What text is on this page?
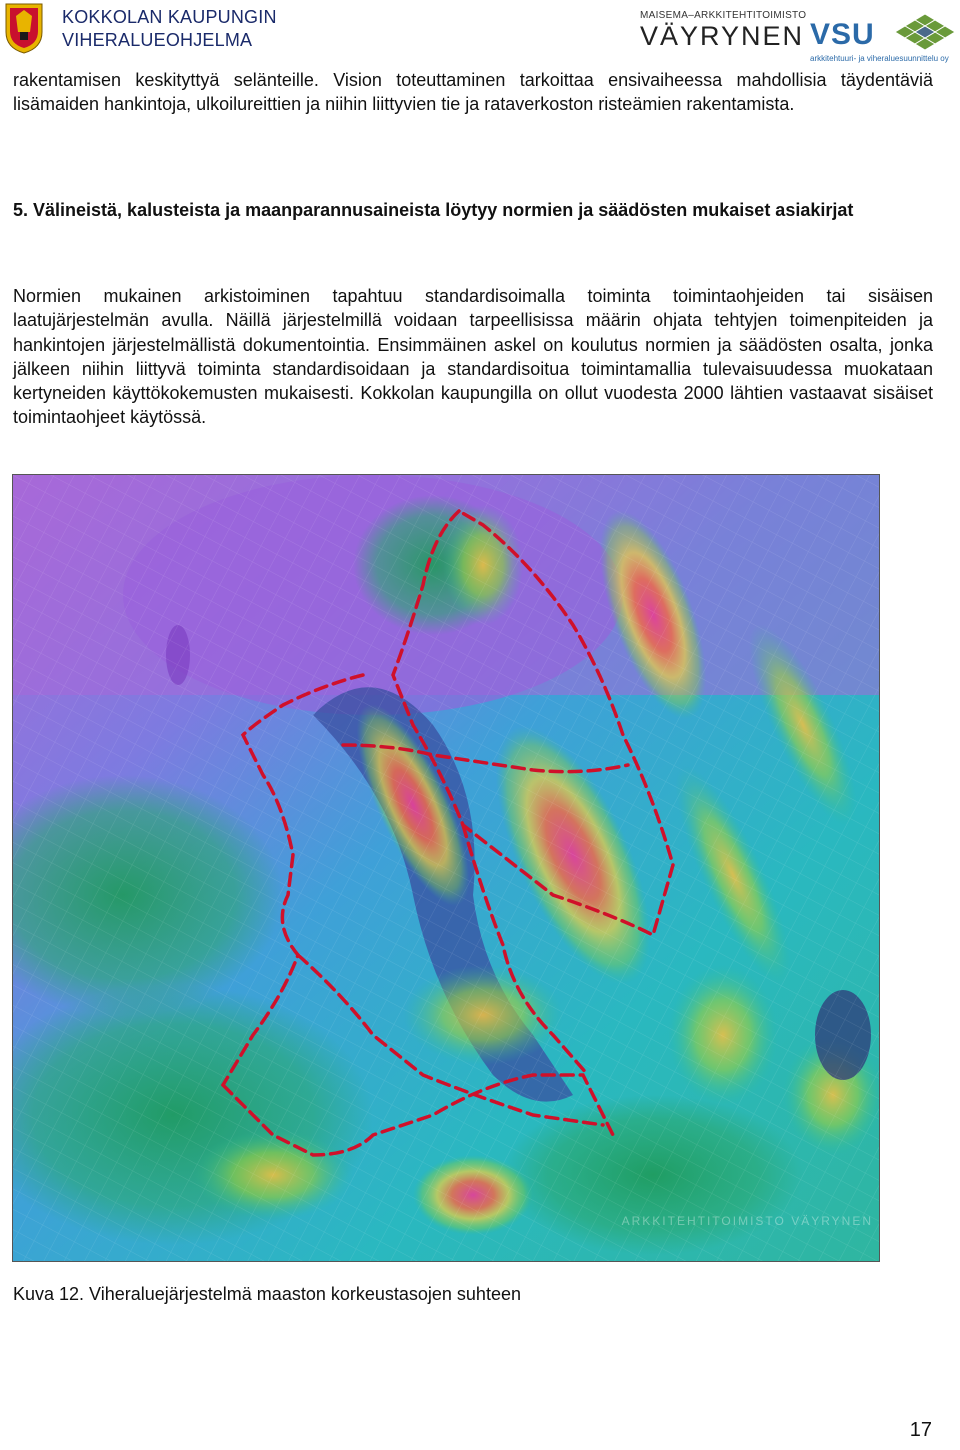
KOKKOLAN KAUPUNGIN
VIHERALUEOHJELMA
MAISEMA–ARKKITEHTITOIMISTO
VÄYRYNEN VSU
arkkitehtuuri- ja viheraluesuunnittelu oy
rakentamisen keskityttyä selänteille. Vision toteuttaminen tarkoittaa ensivaiheessa mahdollisia täydentäviä lisämaiden hankintoja, ulkoilureittien ja niihin liittyvien tie ja rataverkoston risteämien rakentamista.
5. Välineistä, kalusteista ja maanparannusaineista löytyy normien ja säädösten mukaiset asiakirjat
Normien mukainen arkistoiminen tapahtuu standardisoimalla toiminta toimintaohjeiden tai sisäisen laatujärjestelmän avulla. Näillä järjestelmillä voidaan tarpeellisissa määrin ohjata tehtyjen toimenpiteiden ja hankintojen järjestelmällistä dokumentointia. Ensimmäinen askel on koulutus normien ja säädösten osalta, jonka jälkeen niihin liittyvä toiminta standardisoidaan ja standardisoitua toimintamallia tulevaisuudessa muokataan kertyneiden käyttökokemusten mukaisesti. Kokkolan kaupungilla on ollut vuodesta 2000 lähtien vastaavat sisäiset toimintaohjeet käytössä.
ARKKITEHTITOIMISTO VÄYRYNEN
Kuva 12. Viheraluejärjestelmä maaston korkeustasojen suhteen
17
